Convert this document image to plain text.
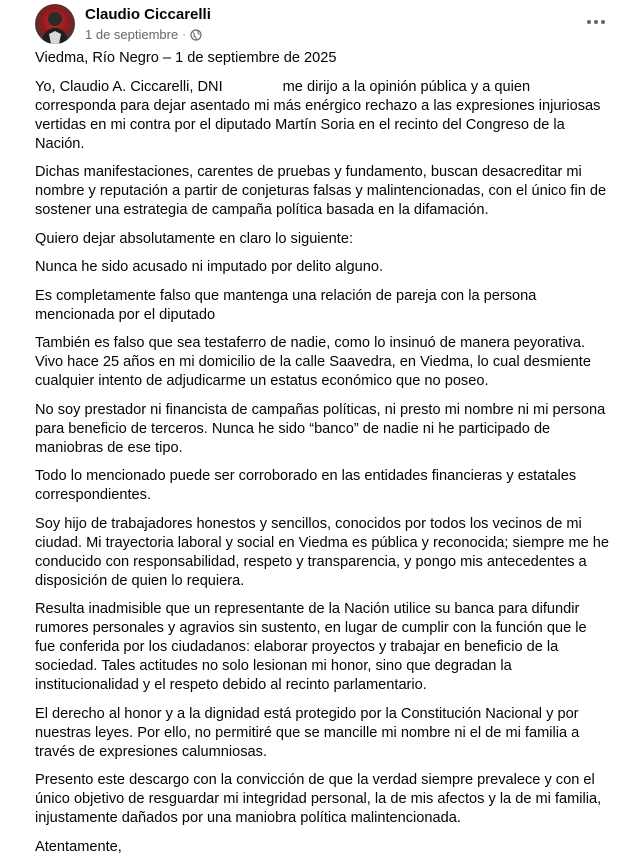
Claudio Ciccarelli
1 de septiembre ·

Viedma, Río Negro – 1 de septiembre de 2025

Yo, Claudio A. Ciccarelli, DNI	me dirijo a la opinión pública y a quien corresponda para dejar asentado mi más enérgico rechazo a las expresiones injuriosas vertidas en mi contra por el diputado Martín Soria en el recinto del Congreso de la Nación.

Dichas manifestaciones, carentes de pruebas y fundamento, buscan desacreditar mi nombre y reputación a partir de conjeturas falsas y malintencionadas, con el único fin de sostener una estrategia de campaña política basada en la difamación.

Quiero dejar absolutamente en claro lo siguiente:

Nunca he sido acusado ni imputado por delito alguno.

Es completamente falso que mantenga una relación de pareja con la persona mencionada por el diputado

También es falso que sea testaferro de nadie, como lo insinuó de manera peyorativa. Vivo hace 25 años en mi domicilio de la calle Saavedra, en Viedma, lo cual desmiente cualquier intento de adjudicarme un estatus económico que no poseo.

No soy prestador ni financista de campañas políticas, ni presto mi nombre ni mi persona para beneficio de terceros. Nunca he sido “banco” de nadie ni he participado de maniobras de ese tipo.

Todo lo mencionado puede ser corroborado en las entidades financieras y estatales correspondientes.

Soy hijo de trabajadores honestos y sencillos, conocidos por todos los vecinos de mi ciudad. Mi trayectoria laboral y social en Viedma es pública y reconocida; siempre me he conducido con responsabilidad, respeto y transparencia, y pongo mis antecedentes a disposición de quien lo requiera.

Resulta inadmisible que un representante de la Nación utilice su banca para difundir rumores personales y agravios sin sustento, en lugar de cumplir con la función que le fue conferida por los ciudadanos: elaborar proyectos y trabajar en beneficio de la sociedad. Tales actitudes no solo lesionan mi honor, sino que degradan la institucionalidad y el respeto debido al recinto parlamentario.

El derecho al honor y a la dignidad está protegido por la Constitución Nacional y por nuestras leyes. Por ello, no permitiré que se mancille mi nombre ni el de mi familia a través de expresiones calumniosas.

Presento este descargo con la convicción de que la verdad siempre prevalece y con el único objetivo de resguardar mi integridad personal, la de mis afectos y la de mi familia, injustamente dañados por una maniobra política malintencionada.

Atentamente,
